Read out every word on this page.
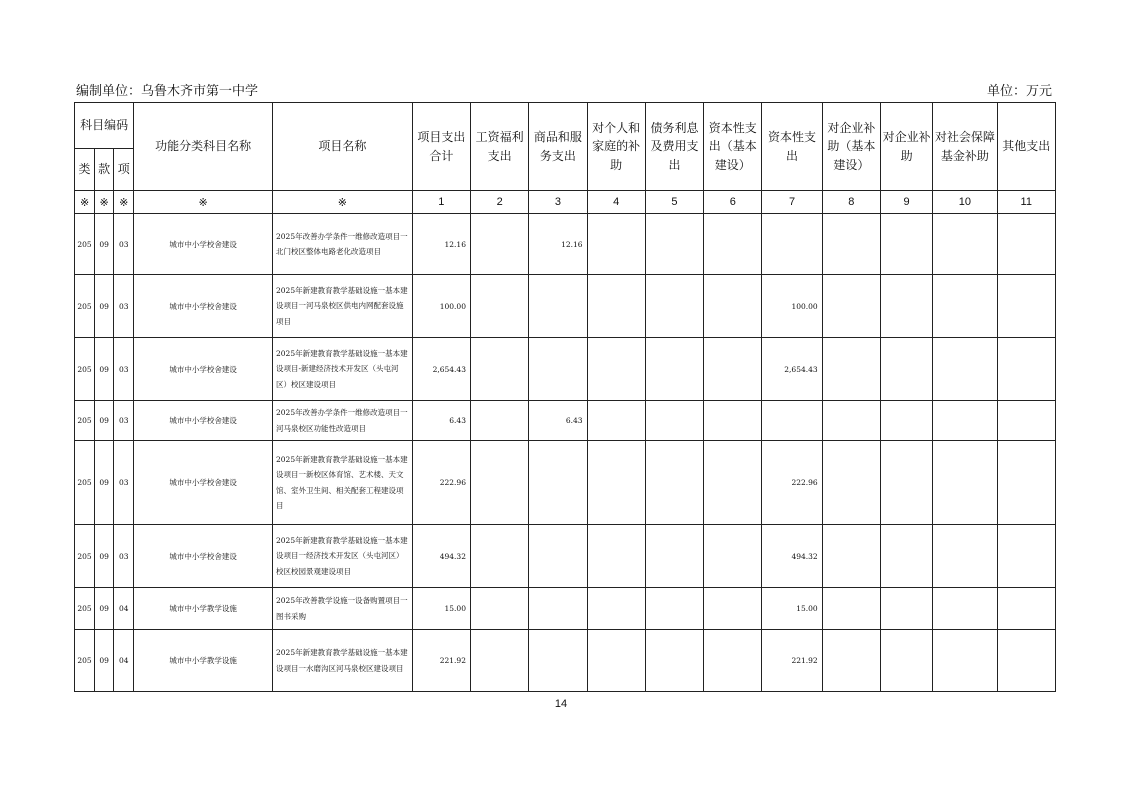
编制单位：乌鲁木齐市第一中学	单位：万元
科目编码			功能分类科目名称	项目名称	项目支出合计	工资福利支出	商品和服务支出	对个人和家庭的补助	债务利息及费用支出	资本性支出（基本建设）	资本性支出	对企业补助（基本建设）	对企业补助	对社会保障基金补助	其他支出
类	款	项													
※	※	※	※	※	1	2	3	4	5	6	7	8	9	10	11
205	09	03	城市中小学校舍建设	2025年改善办学条件一维修改造项目一北门校区整体电路老化改造项目	12.16		12.16								
205	09	03	城市中小学校舍建设	2025年新建教育教学基础设施一基本建设项目一河马泉校区供电内网配套设施项目	100.00						100.00				
205	09	03	城市中小学校舍建设	2025年新建教育教学基础设施一基本建设项目-新建经济技术开发区（头屯河区）校区建设项目	2,654.43						2,654.43				
205	09	03	城市中小学校舍建设	2025年改善办学条件一维修改造项目一河马泉校区功能性改造项目	6.43		6.43								
205	09	03	城市中小学校舍建设	2025年新建教育教学基础设施一基本建设项目一新校区体育馆、艺术楼、天文馆、室外卫生间、相关配套工程建设项目	222.96						222.96				
205	09	03	城市中小学校舍建设	2025年新建教育教学基础设施一基本建设项目一经济技术开发区（头屯河区）校区校园景观建设项目	494.32						494.32				
205	09	04	城市中小学教学设施	2025年改善教学设施一设备购置项目一图书采购	15.00						15.00				
205	09	04	城市中小学教学设施	2025年新建教育教学基础设施一基本建设项目一水磨沟区河马泉校区建设项目	221.92						221.92				
14
